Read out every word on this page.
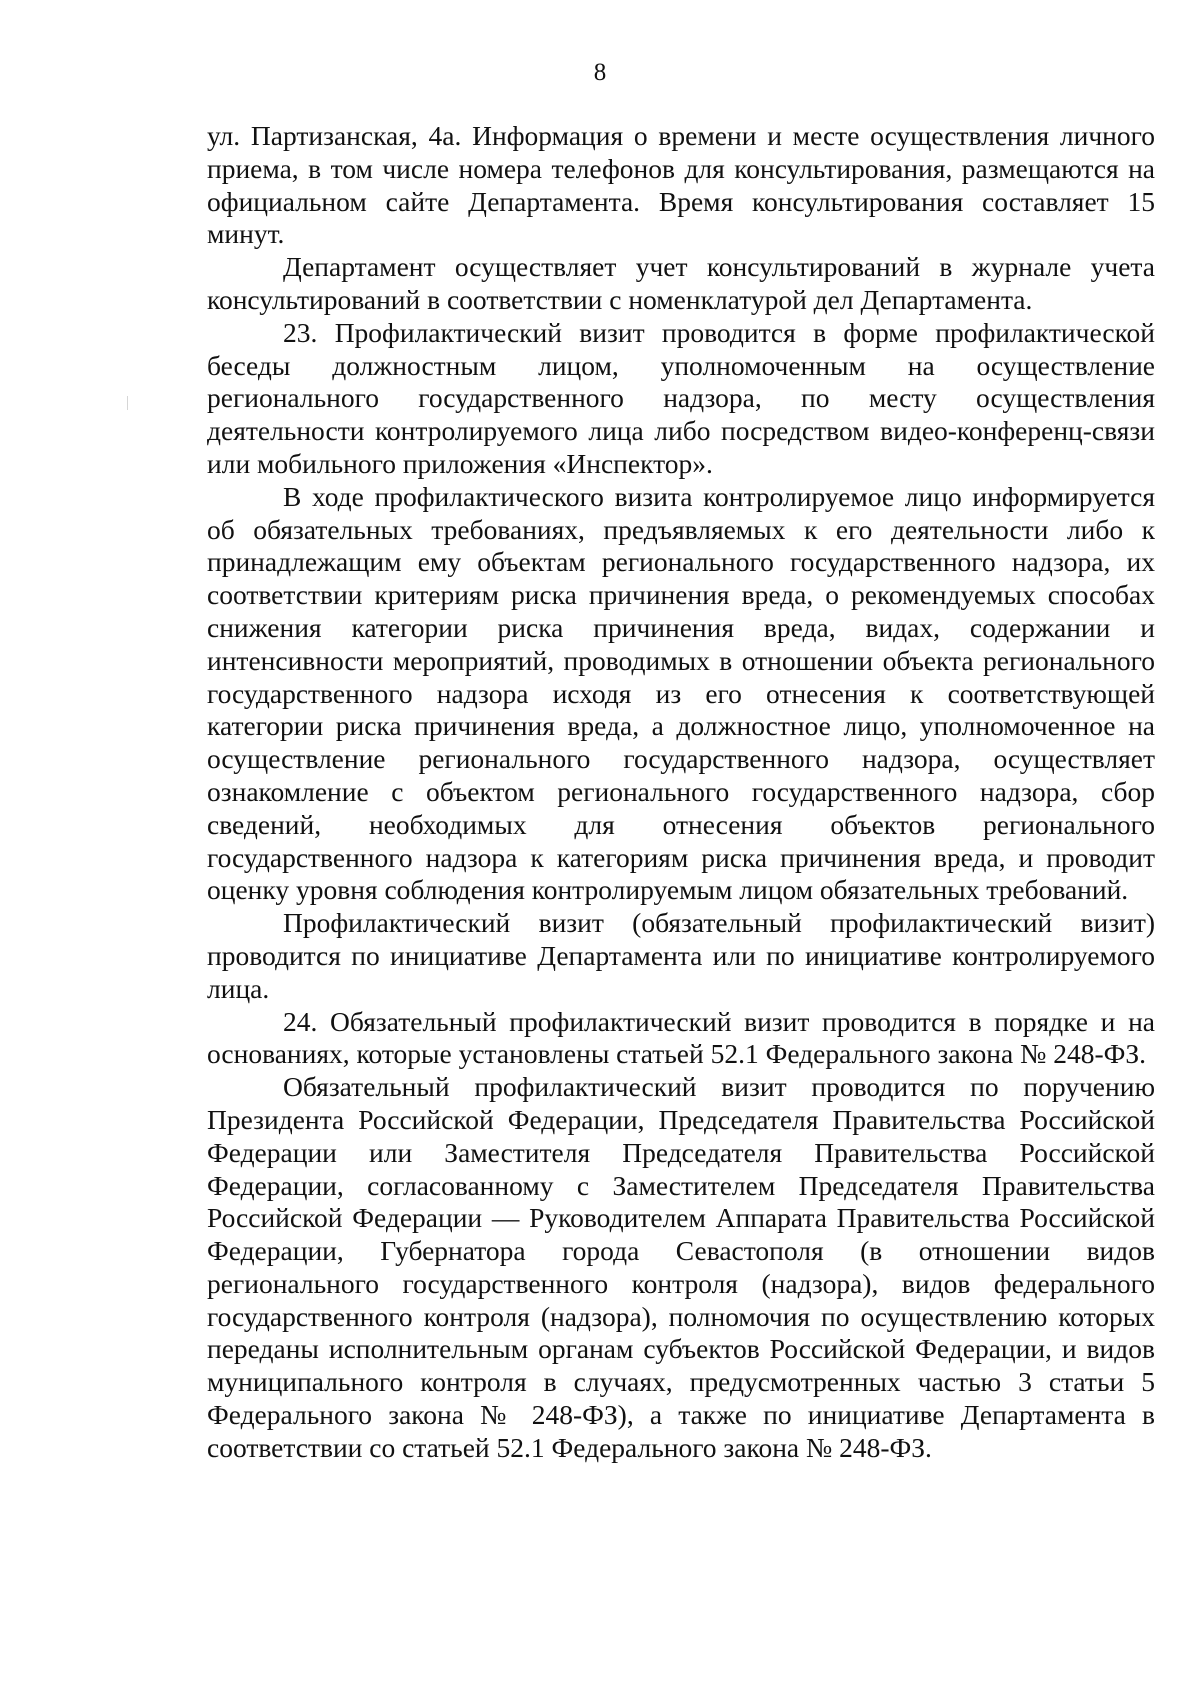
8

ул. Партизанская, 4а. Информация о времени и месте осуществления личного приема, в том числе номера телефонов для консультирования, размещаются на официальном сайте Департамента. Время консультирования составляет 15 минут.

Департамент осуществляет учет консультирований в журнале учета консультирований в соответствии с номенклатурой дел Департамента.

23. Профилактический визит проводится в форме профилактической беседы должностным лицом, уполномоченным на осуществление регионального государственного надзора, по месту осуществления деятельности контролируемого лица либо посредством видео-конференц-связи или мобильного приложения «Инспектор».

В ходе профилактического визита контролируемое лицо информируется об обязательных требованиях, предъявляемых к его деятельности либо к принадлежащим ему объектам регионального государственного надзора, их соответствии критериям риска причинения вреда, о рекомендуемых способах снижения категории риска причинения вреда, видах, содержании и интенсивности мероприятий, проводимых в отношении объекта регионального государственного надзора исходя из его отнесения к соответствующей категории риска причинения вреда, а должностное лицо, уполномоченное на осуществление регионального государственного надзора, осуществляет ознакомление с объектом регионального государственного надзора, сбор сведений, необходимых для отнесения объектов регионального государственного надзора к категориям риска причинения вреда, и проводит оценку уровня соблюдения контролируемым лицом обязательных требований.

Профилактический визит (обязательный профилактический визит) проводится по инициативе Департамента или по инициативе контролируемого лица.

24. Обязательный профилактический визит проводится в порядке и на основаниях, которые установлены статьей 52.1 Федерального закона № 248-ФЗ.

Обязательный профилактический визит проводится по поручению Президента Российской Федерации, Председателя Правительства Российской Федерации или Заместителя Председателя Правительства Российской Федерации, согласованному с Заместителем Председателя Правительства Российской Федерации — Руководителем Аппарата Правительства Российской Федерации, Губернатора города Севастополя (в отношении видов регионального государственного контроля (надзора), видов федерального государственного контроля (надзора), полномочия по осуществлению которых переданы исполнительным органам субъектов Российской Федерации, и видов муниципального контроля в случаях, предусмотренных частью 3 статьи 5 Федерального закона № 248-ФЗ), а также по инициативе Департамента в соответствии со статьей 52.1 Федерального закона № 248-ФЗ.
